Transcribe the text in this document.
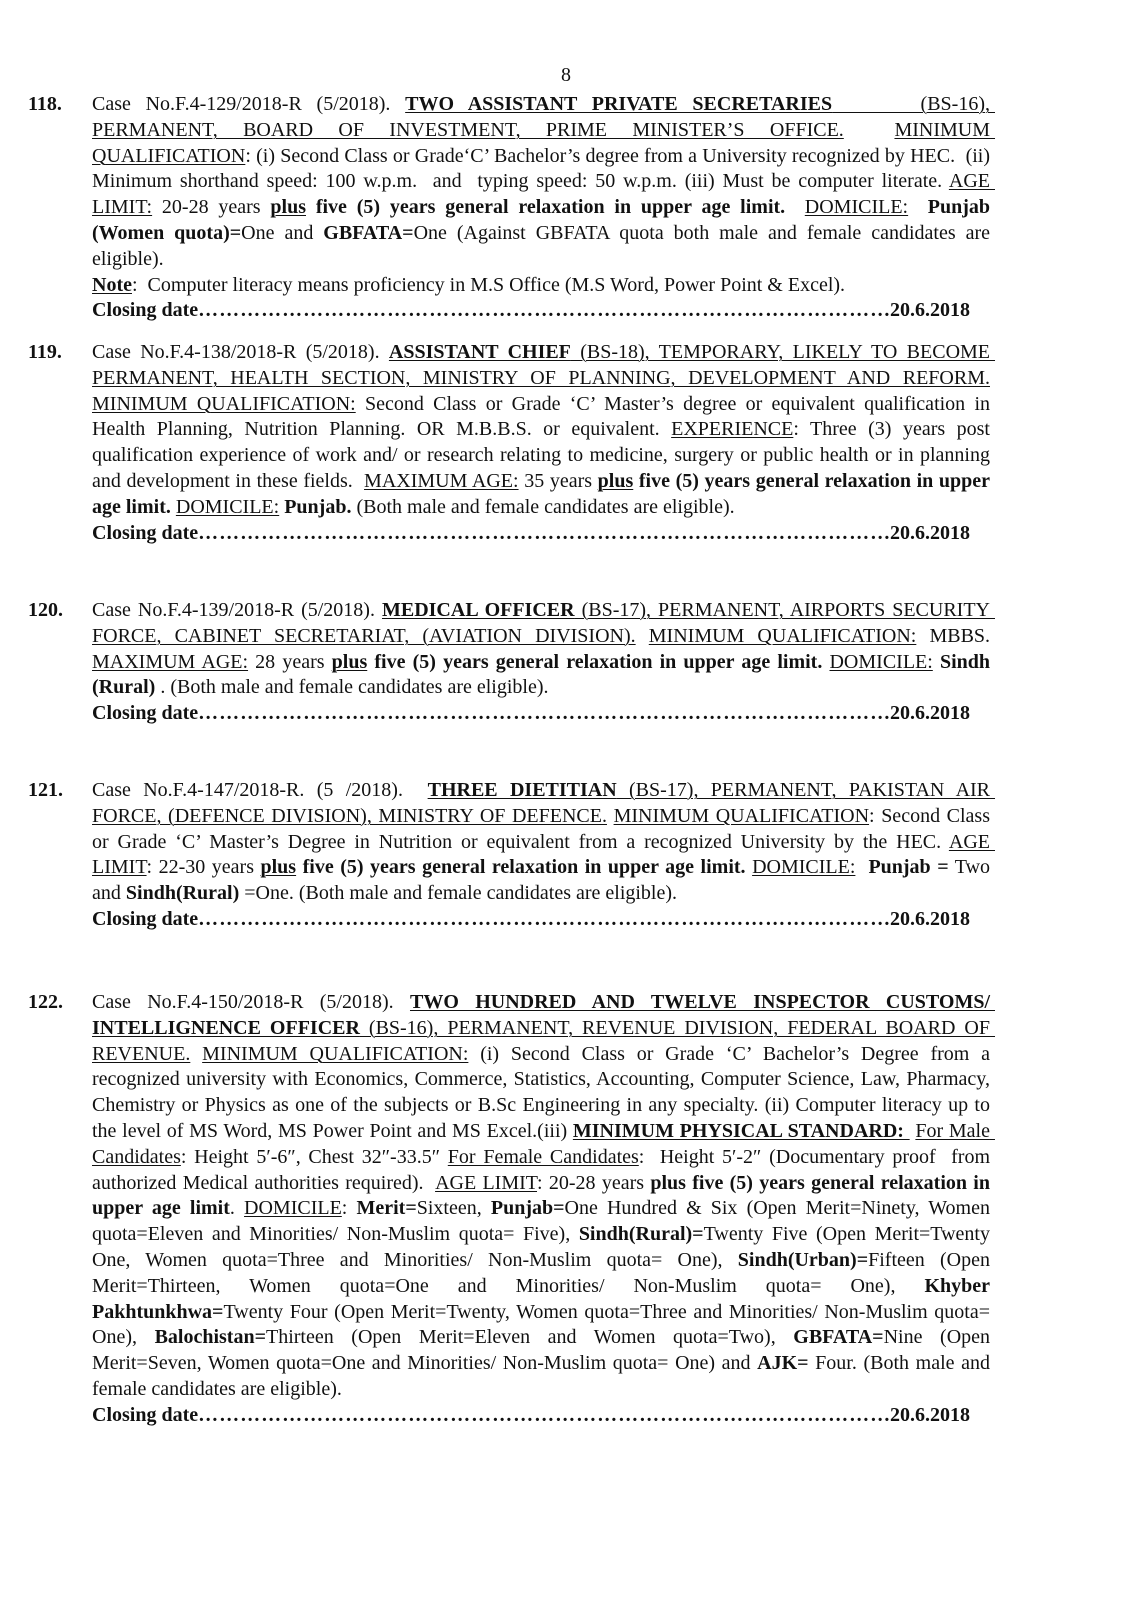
8
118. Case No.F.4-129/2018-R (5/2018). TWO ASSISTANT PRIVATE SECRETARIES      (BS-16), PERMANENT, BOARD OF INVESTMENT, PRIME MINISTER’S OFFICE.	MINIMUM QUALIFICATION: (i) Second Class or Grade‘C’ Bachelor’s degree from a University recognized by HEC.  (ii)  Minimum shorthand speed: 100 w.p.m.  and  typing speed: 50 w.p.m. (iii) Must be computer literate. AGE LIMIT: 20-28 years plus five (5) years general relaxation in upper age limit. DOMICILE: Punjab (Women quota)=One and GBFATA=One (Against GBFATA quota both male and female candidates are eligible).
Note:  Computer literacy means proficiency in M.S Office (M.S Word, Power Point & Excel).
Closing date ……………………………………………………………………………………………………………………………………………	20.6.2018
119. Case No.F.4-138/2018-R (5/2018). ASSISTANT CHIEF (BS-18), TEMPORARY, LIKELY TO BECOME PERMANENT, HEALTH SECTION, MINISTRY OF PLANNING, DEVELOPMENT AND REFORM. MINIMUM QUALIFICATION: Second Class or Grade ‘C’ Master’s degree or equivalent qualification in Health Planning, Nutrition Planning. OR M.B.B.S. or equivalent. EXPERIENCE: Three (3) years post qualification experience of work and/ or research relating to medicine, surgery or public health or in planning and development in these fields.  MAXIMUM AGE: 35 years plus five (5) years general relaxation in upper age limit. DOMICILE: Punjab. (Both male and female candidates are eligible).
Closing date ……………………………………………………………………………………………………………………………………………	20.6.2018
120. Case No.F.4-139/2018-R (5/2018). MEDICAL OFFICER (BS-17), PERMANENT, AIRPORTS SECURITY FORCE, CABINET SECRETARIAT, (AVIATION DIVISION). MINIMUM QUALIFICATION: MBBS. MAXIMUM AGE: 28 years plus five (5) years general relaxation in upper age limit. DOMICILE: Sindh (Rural) . (Both male and female candidates are eligible).
Closing date ……………………………………………………………………………………………………………………………………………	20.6.2018
121. Case No.F.4-147/2018-R. (5 /2018).  THREE DIETITIAN (BS-17), PERMANENT, PAKISTAN AIR FORCE, (DEFENCE DIVISION), MINISTRY OF DEFENCE. MINIMUM QUALIFICATION: Second Class or Grade ‘C’ Master’s Degree in Nutrition or equivalent from a recognized University by the HEC. AGE LIMIT: 22-30 years plus five (5) years general relaxation in upper age limit. DOMICILE: Punjab = Two and Sindh(Rural) =One. (Both male and female candidates are eligible).
Closing date ……………………………………………………………………………………………………………………………………………	20.6.2018
122. Case No.F.4-150/2018-R (5/2018). TWO HUNDRED AND TWELVE INSPECTOR CUSTOMS/ INTELLIGNENCE OFFICER (BS-16), PERMANENT, REVENUE DIVISION, FEDERAL BOARD OF REVENUE. MINIMUM QUALIFICATION: (i) Second Class or Grade ‘C’ Bachelor’s Degree from a recognized university with Economics, Commerce, Statistics, Accounting, Computer Science, Law, Pharmacy, Chemistry or Physics as one of the subjects or B.Sc Engineering in any specialty. (ii) Computer literacy up to the level of MS Word, MS Power Point and MS Excel.(iii) MINIMUM PHYSICAL STANDARD:  For Male Candidates: Height 5′-6″, Chest 32″-33.5″ For Female Candidates:  Height 5′-2″ (Documentary proof  from authorized Medical authorities required).  AGE LIMIT: 20-28 years plus five (5) years general relaxation in upper age limit. DOMICILE: Merit=Sixteen, Punjab=One Hundred & Six (Open Merit=Ninety, Women quota=Eleven and Minorities/ Non-Muslim quota= Five), Sindh(Rural)=Twenty Five (Open Merit=Twenty One, Women quota=Three and Minorities/ Non-Muslim quota= One), Sindh(Urban)=Fifteen (Open Merit=Thirteen, Women quota=One and Minorities/ Non-Muslim quota= One), Khyber Pakhtunkhwa=Twenty Four (Open Merit=Twenty, Women quota=Three and Minorities/ Non-Muslim quota= One), Balochistan=Thirteen (Open Merit=Eleven and Women quota=Two), GBFATA=Nine (Open Merit=Seven, Women quota=One and Minorities/ Non-Muslim quota= One) and AJK= Four. (Both male and female candidates are eligible).
Closing date ……………………………………………………………………………………………………………………………………………	20.6.2018
